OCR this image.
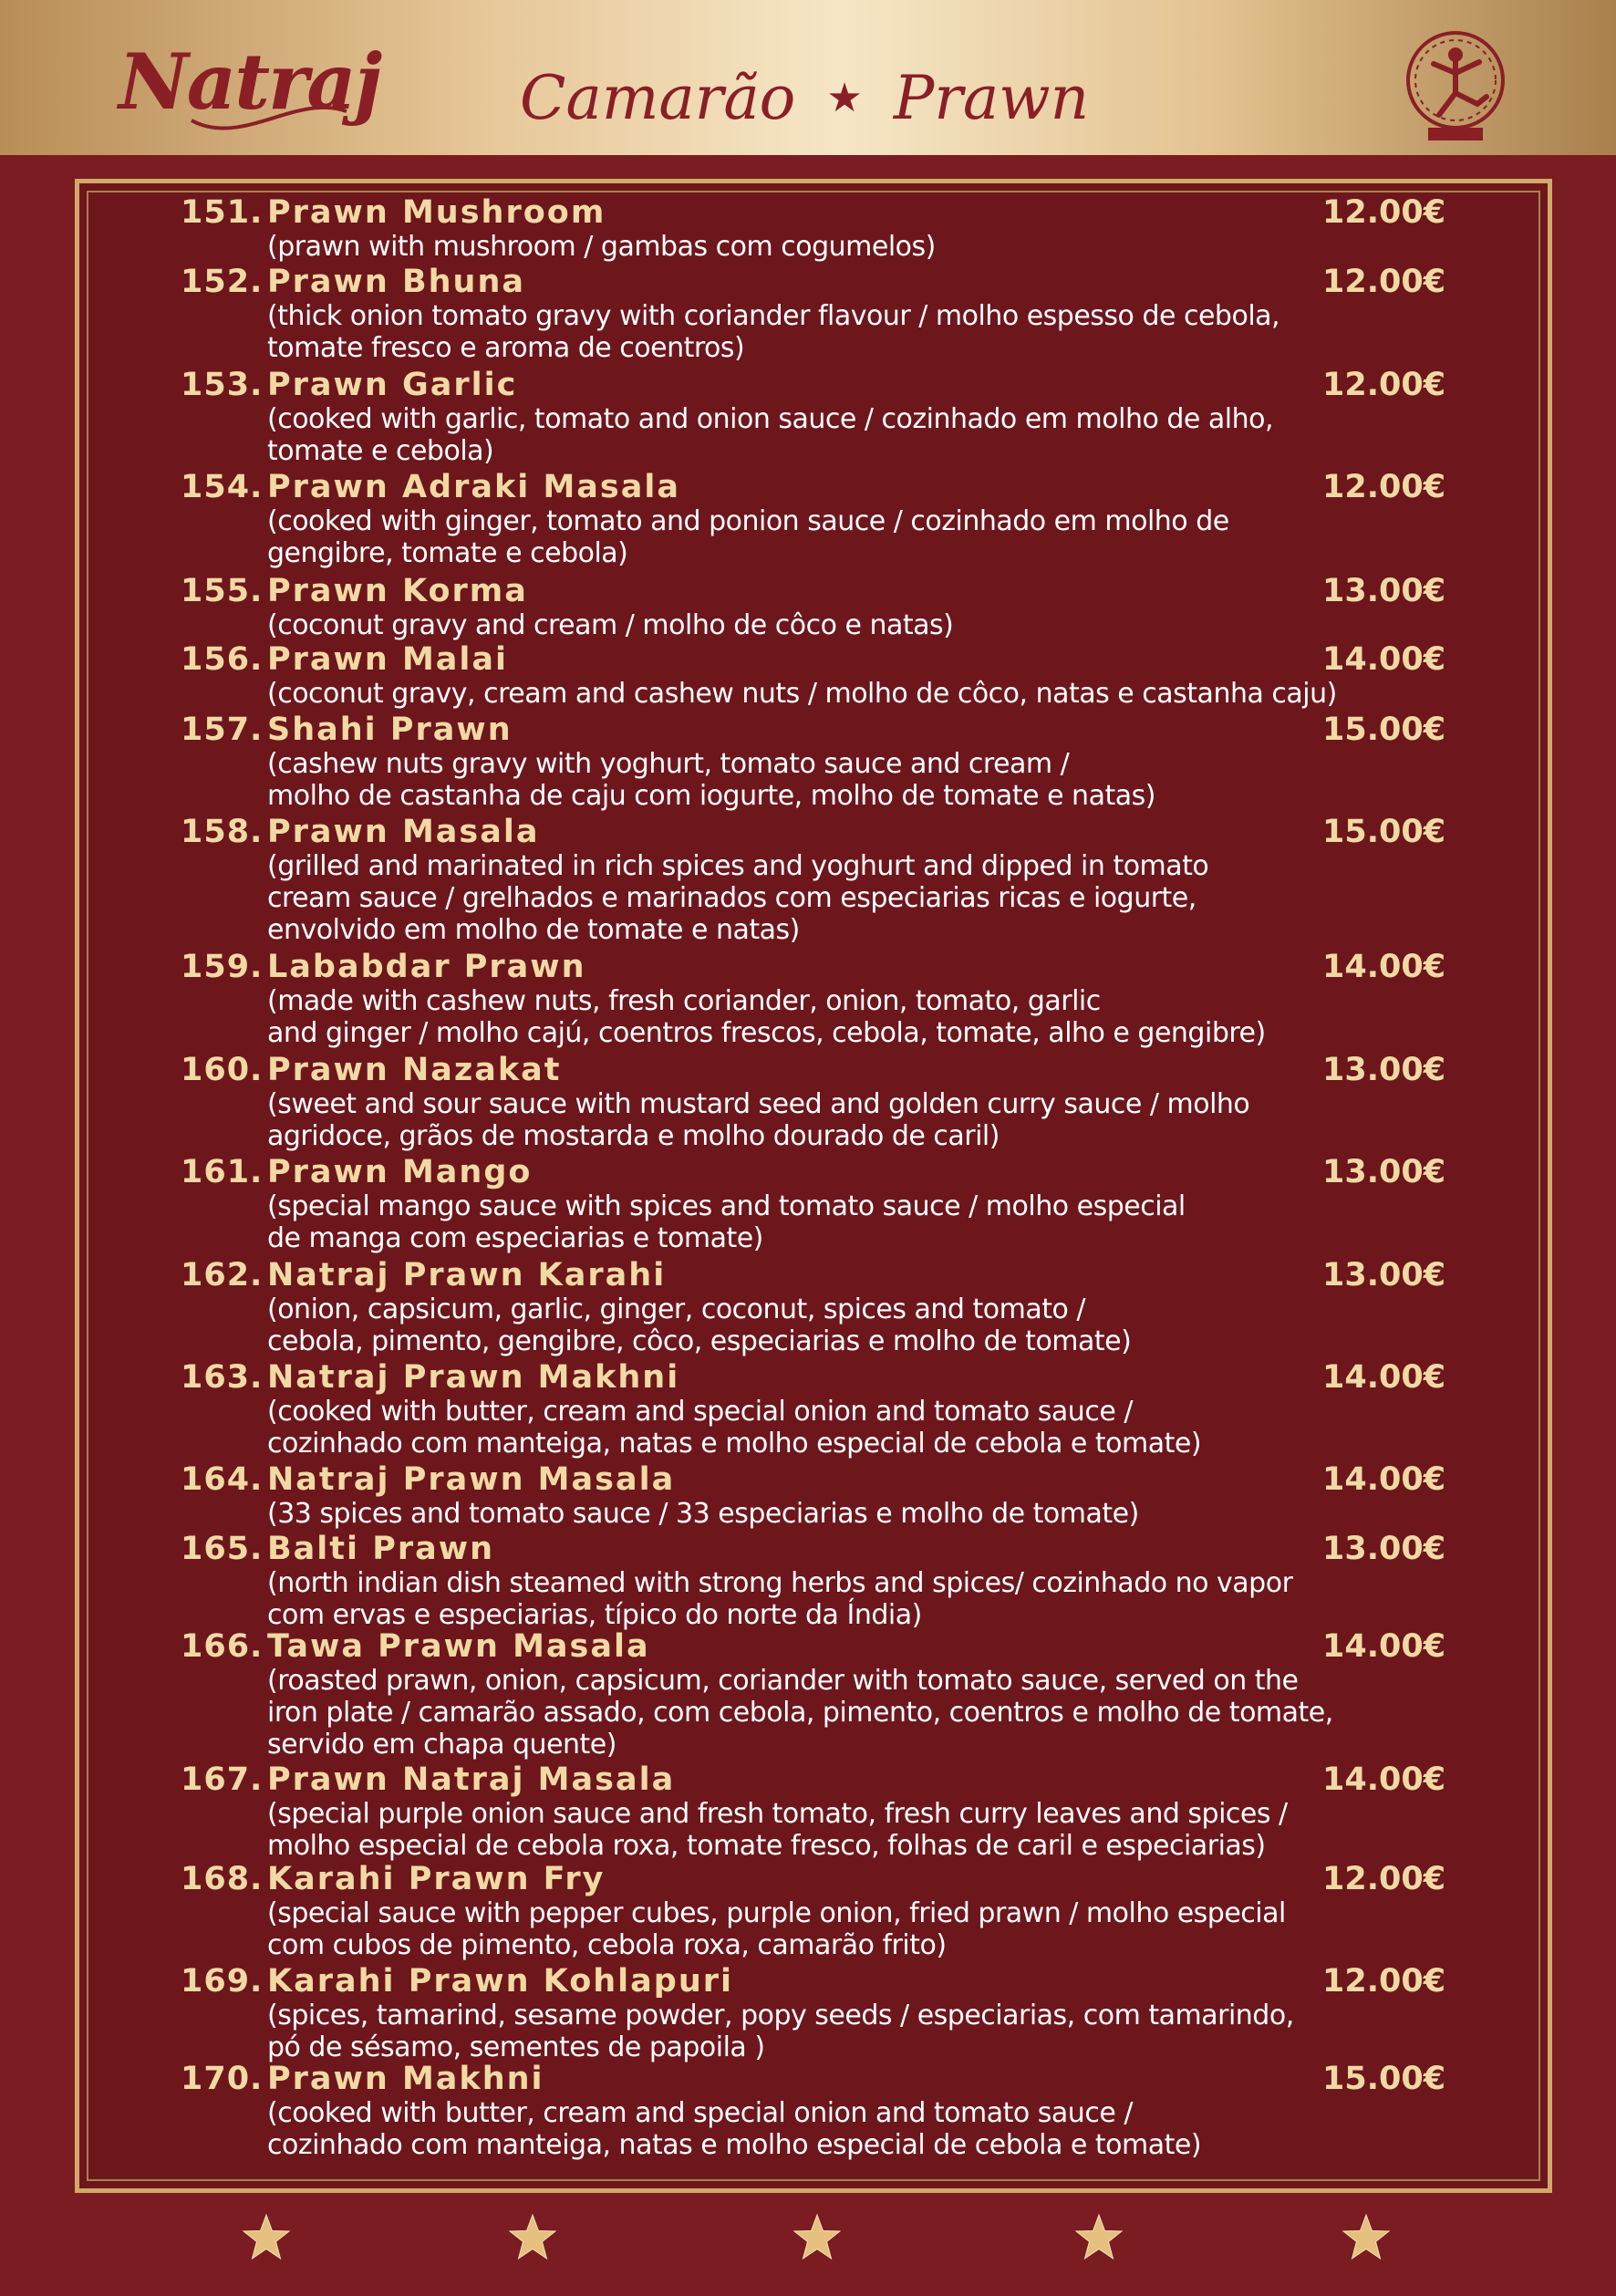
Natraj Camarão ★ Prawn
151. Prawn Mushroom	12.00€
(prawn with mushroom / gambas com cogumelos)
152. Prawn Bhuna	12.00€
(thick onion tomato gravy with coriander flavour / molho espesso de cebola,
tomate fresco e aroma de coentros)
153. Prawn Garlic	12.00€
(cooked with garlic, tomato and onion sauce / cozinhado em molho de alho,
tomate e cebola)
154. Prawn Adraki Masala	12.00€
(cooked with ginger, tomato and ponion sauce / cozinhado em molho de
gengibre, tomate e cebola)
155. Prawn Korma	13.00€
(coconut gravy and cream / molho de côco e natas)
156. Prawn Malai	14.00€
(coconut gravy, cream and cashew nuts / molho de côco, natas e castanha caju)
157. Shahi Prawn	15.00€
(cashew nuts gravy with yoghurt, tomato sauce and cream /
molho de castanha de caju com iogurte, molho de tomate e natas)
158. Prawn Masala	15.00€
(grilled and marinated in rich spices and yoghurt and dipped in tomato
cream sauce / grelhados e marinados com especiarias ricas e iogurte,
envolvido em molho de tomate e natas)
159. Lababdar Prawn	14.00€
(made with cashew nuts, fresh coriander, onion, tomato, garlic
and ginger / molho cajú, coentros frescos, cebola, tomate, alho e gengibre)
160. Prawn Nazakat	13.00€
(sweet and sour sauce with mustard seed and golden curry sauce / molho
agridoce, grãos de mostarda e molho dourado de caril)
161. Prawn Mango	13.00€
(special mango sauce with spices and tomato sauce / molho especial
de manga com especiarias e tomate)
162. Natraj Prawn Karahi	13.00€
(onion, capsicum, garlic, ginger, coconut, spices and tomato /
cebola, pimento, gengibre, côco, especiarias e molho de tomate)
163. Natraj Prawn Makhni	14.00€
(cooked with butter, cream and special onion and tomato sauce /
cozinhado com manteiga, natas e molho especial de cebola e tomate)
164. Natraj Prawn Masala	14.00€
(33 spices and tomato sauce / 33 especiarias e molho de tomate)
165. Balti Prawn	13.00€
(north indian dish steamed with strong herbs and spices/ cozinhado no vapor
com ervas e especiarias, típico do norte da Índia)
166. Tawa Prawn Masala	14.00€
(roasted prawn, onion, capsicum, coriander with tomato sauce, served on the
iron plate / camarão assado, com cebola, pimento, coentros e molho de tomate,
servido em chapa quente)
167. Prawn Natraj Masala	14.00€
(special purple onion sauce and fresh tomato, fresh curry leaves and spices /
molho especial de cebola roxa, tomate fresco, folhas de caril e especiarias)
168. Karahi Prawn Fry	12.00€
(special sauce with pepper cubes, purple onion, fried prawn / molho especial
com cubos de pimento, cebola roxa, camarão frito)
169. Karahi Prawn Kohlapuri	12.00€
(spices, tamarind, sesame powder, popy seeds / especiarias, com tamarindo,
pó de sésamo, sementes de papoila )
170. Prawn Makhni	15.00€
(cooked with butter, cream and special onion and tomato sauce /
cozinhado com manteiga, natas e molho especial de cebola e tomate)
